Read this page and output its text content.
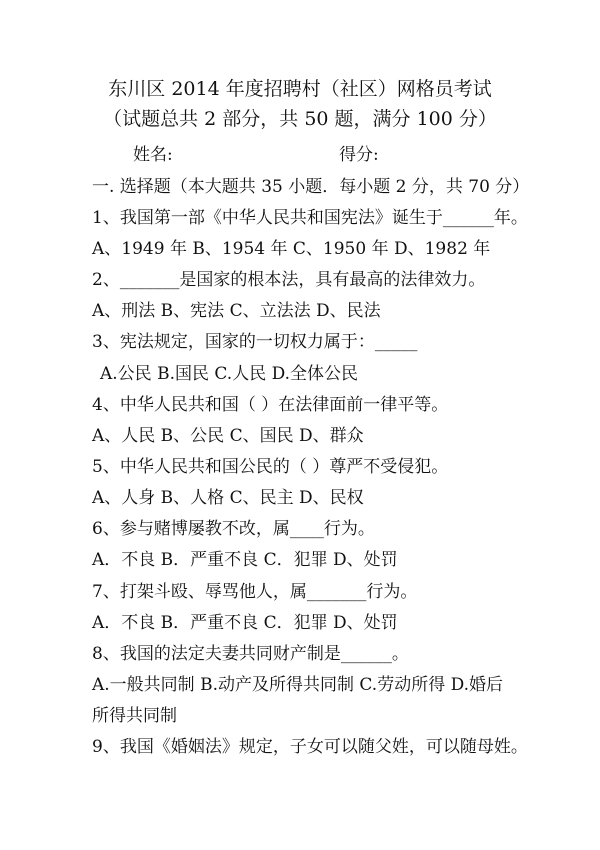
东川区 2014 年度招聘村（社区）网格员考试
（试题总共 2 部分，共 50 题，满分 100 分）
姓名:	得分:
一. 选择题（本大题共 35 小题．每小题 2 分，共 70 分）
1、我国第一部《中华人民共和国宪法》诞生于______年。
A、1949 年 B、1954 年 C、1950 年 D、1982 年
2、_______是国家的根本法，具有最高的法律效力。
A、刑法 B、宪法 C、立法法 D、民法
3、宪法规定，国家的一切权力属于：_____
A.公民 B.国民 C.人民 D.全体公民
4、中华人民共和国（ ）在法律面前一律平等。
A、人民 B、公民 C、国民 D、群众
5、中华人民共和国公民的（ ）尊严不受侵犯。
A、人身 B、人格 C、民主 D、民权
6、参与赌博屡教不改，属____行为。
A．不良 B．严重不良 C．犯罪 D、处罚
7、打架斗殴、辱骂他人，属_______行为。
A．不良 B．严重不良 C．犯罪 D、处罚
8、我国的法定夫妻共同财产制是______。
A.一般共同制 B.动产及所得共同制 C.劳动所得 D.婚后
所得共同制
9、我国《婚姻法》规定，子女可以随父姓，可以随母姓。
